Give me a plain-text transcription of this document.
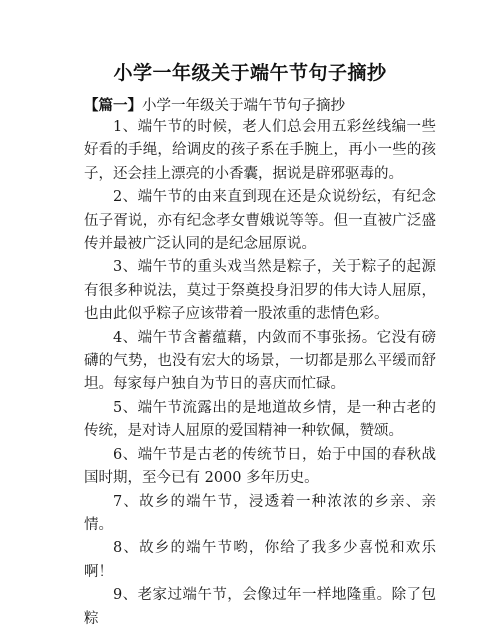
小学一年级关于端午节句子摘抄

【篇一】小学一年级关于端午节句子摘抄

1、端午节的时候，老人们总会用五彩丝线编一些好看的手绳，给调皮的孩子系在手腕上，再小一些的孩子，还会挂上漂亮的小香囊，据说是辟邪驱毒的。

2、端午节的由来直到现在还是众说纷纭，有纪念伍子胥说，亦有纪念孝女曹娥说等等。但一直被广泛盛传并最被广泛认同的是纪念屈原说。

3、端午节的重头戏当然是粽子，关于粽子的起源有很多种说法，莫过于祭奠投身汨罗的伟大诗人屈原，也由此似乎粽子应该带着一股浓重的悲情色彩。

4、端午节含蓄蕴藉，内敛而不事张扬。它没有磅礴的气势，也没有宏大的场景，一切都是那么平缓而舒坦。每家每户独自为节日的喜庆而忙碌。

5、端午节流露出的是地道故乡情，是一种古老的传统，是对诗人屈原的爱国精神一种钦佩，赞颂。

6、端午节是古老的传统节日，始于中国的春秋战国时期，至今已有 2000 多年历史。

7、故乡的端午节，浸透着一种浓浓的乡亲、亲情。

8、故乡的端午节哟，你给了我多少喜悦和欢乐啊！

9、老家过端午节，会像过年一样地隆重。除了包粽
